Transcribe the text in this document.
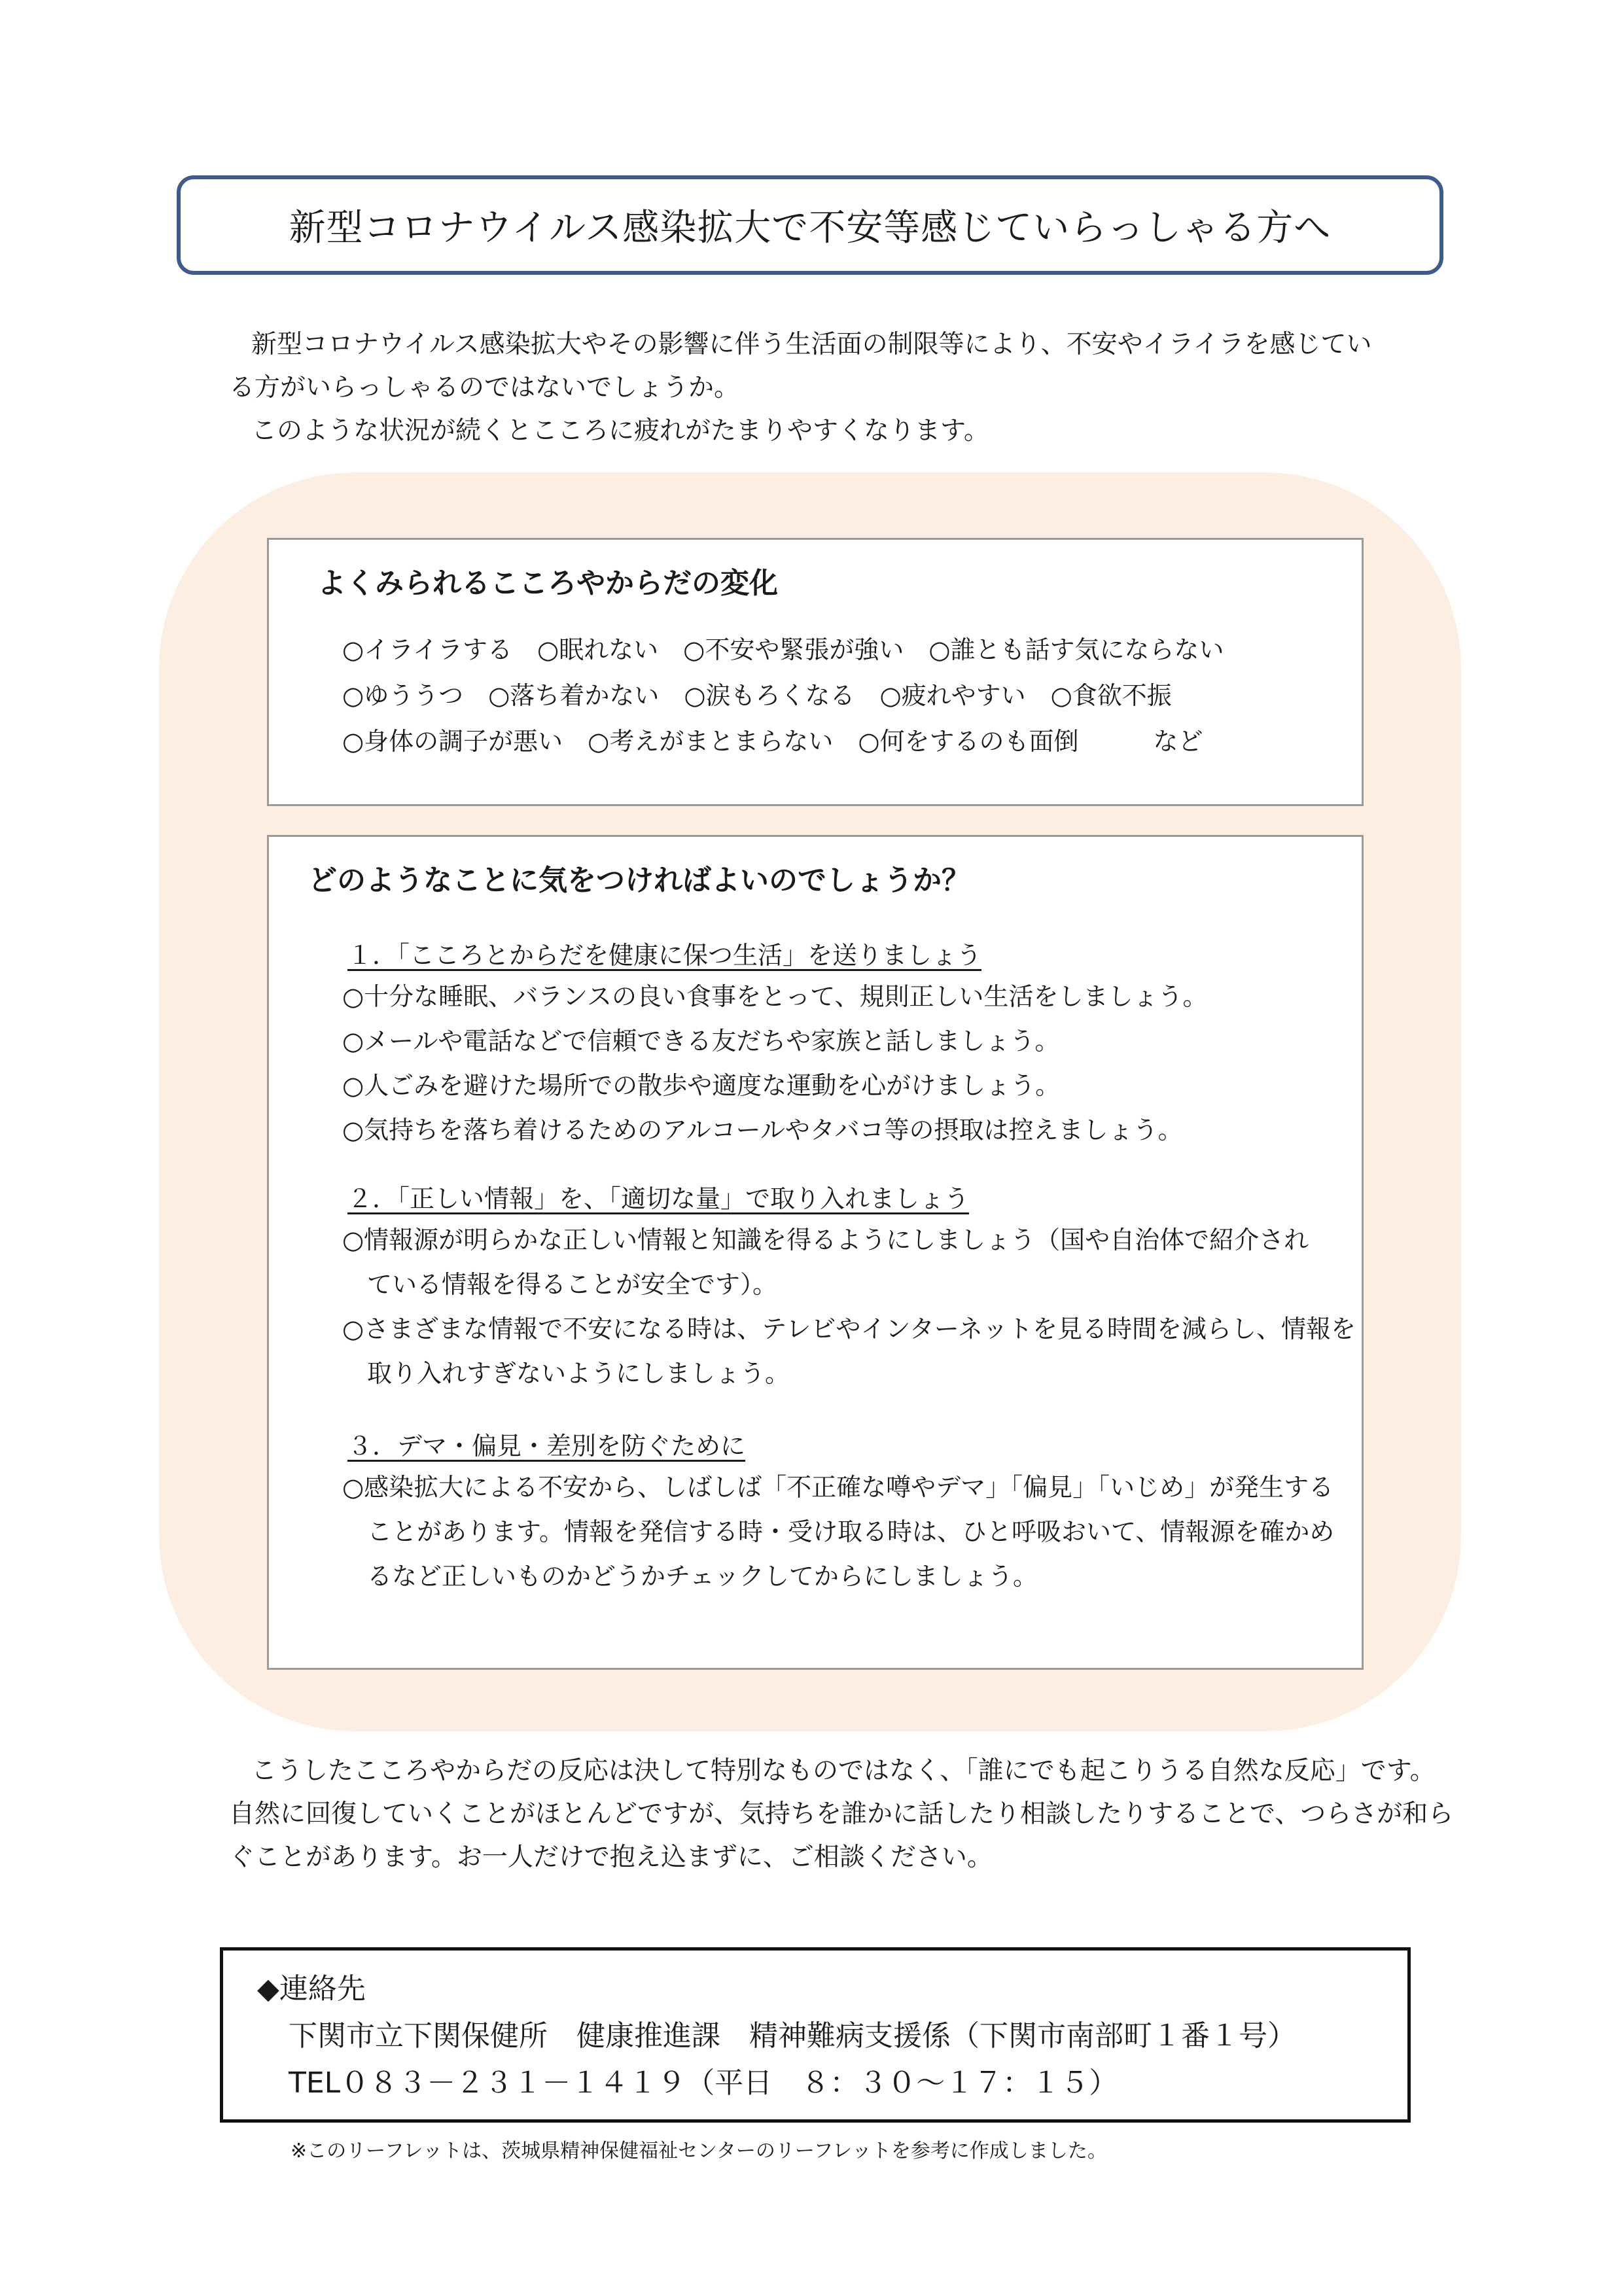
新型コロナウイルス感染拡大で不安等感じていらっしゃる方へ
新型コロナウイルス感染拡大やその影響に伴う生活面の制限等により、不安やイライラを感じてい
る方がいらっしゃるのではないでしょうか。
このような状況が続くとこころに疲れがたまりやすくなります。
よくみられるこころやからだの変化
○イライラする　○眠れない　○不安や緊張が強い　○誰とも話す気にならない
○ゆううつ　○落ち着かない　○涙もろくなる　○疲れやすい　○食欲不振
○身体の調子が悪い　○考えがまとまらない　○何をするのも面倒　　　など
どのようなことに気をつければよいのでしょうか？
１．「こころとからだを健康に保つ生活」を送りましょう
○十分な睡眠、バランスの良い食事をとって、規則正しい生活をしましょう。
○メールや電話などで信頼できる友だちや家族と話しましょう。
○人ごみを避けた場所での散歩や適度な運動を心がけましょう。
○気持ちを落ち着けるためのアルコールやタバコ等の摂取は控えましょう。
２．「正しい情報」を、「適切な量」で取り入れましょう
○情報源が明らかな正しい情報と知識を得るようにしましょう（国や自治体で紹介され
　ている情報を得ることが安全です）。
○さまざまな情報で不安になる時は、テレビやインターネットを見る時間を減らし、情報を
　取り入れすぎないようにしましょう。
３．デマ・偏見・差別を防ぐために
○感染拡大による不安から、しばしば「不正確な噂やデマ」「偏見」「いじめ」が発生する
　ことがあります。情報を発信する時・受け取る時は、ひと呼吸おいて、情報源を確かめ
　るなど正しいものかどうかチェックしてからにしましょう。
こうしたこころやからだの反応は決して特別なものではなく、「誰にでも起こりうる自然な反応」です。
自然に回復していくことがほとんどですが、気持ちを誰かに話したり相談したりすることで、つらさが和ら
ぐことがあります。お一人だけで抱え込まずに、ご相談ください。
◆連絡先
下関市立下関保健所　健康推進課　精神難病支援係（下関市南部町１番１号）
TEL０８３－２３１－１４１９（平日　８：３０～１７：１５）
※このリーフレットは、茨城県精神保健福祉センターのリーフレットを参考に作成しました。
